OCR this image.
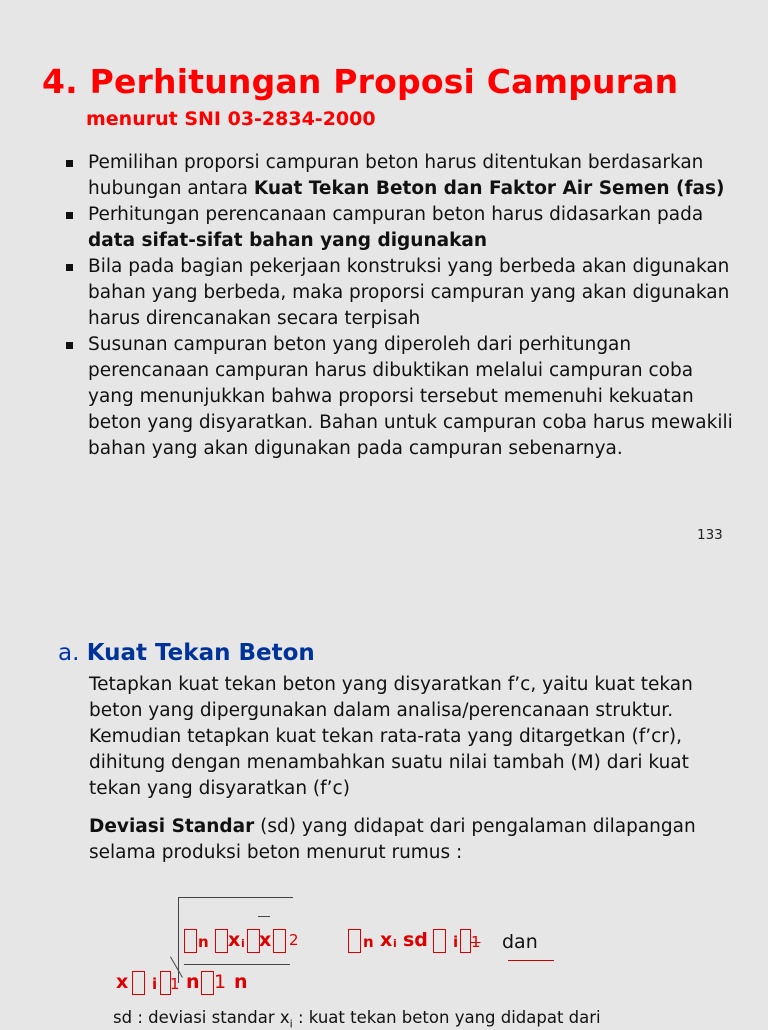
4. Perhitungan Proposi Campuran
menurut SNI 03-2834-2000
Pemilihan proporsi campuran beton harus ditentukan berdasarkan hubungan antara Kuat Tekan Beton dan Faktor Air Semen (fas)
Perhitungan perencanaan campuran beton harus didasarkan pada data sifat-sifat bahan yang digunakan
Bila pada bagian pekerjaan konstruksi yang berbeda akan digunakan bahan yang berbeda, maka proporsi campuran yang akan digunakan harus direncanakan secara terpisah
Susunan campuran beton yang diperoleh dari perhitungan perencanaan campuran harus dibuktikan melalui campuran coba yang menunjukkan bahwa proporsi tersebut memenuhi kekuatan beton yang disyaratkan. Bahan untuk campuran coba harus mewakili bahan yang akan digunakan pada campuran sebenarnya.
133
a. Kuat Tekan Beton

Tetapkan kuat tekan beton yang disyaratkan f’c, yaitu kuat tekan beton yang dipergunakan dalam analisa/perencanaan struktur. Kemudian tetapkan kuat tekan rata-rata yang ditargetkan (f’cr), dihitung dengan menambahkan suatu nilai tambah (M) dari kuat tekan yang disyaratkan (f’c)

Deviasi Standar (sd) yang didapat dari pengalaman dilapangan selama produksi beton menurut rumus :

n x i x 2	n x i sd i 1 dan
x i 1 n 1 n
sd : deviasi standar $x_i$ : kuat tekan beton yang didapat dari
